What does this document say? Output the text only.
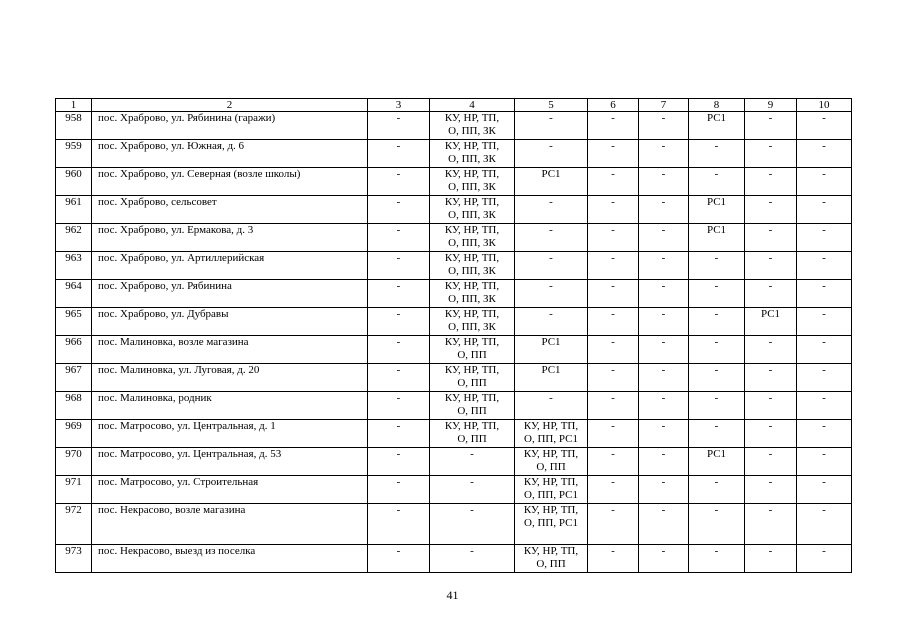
1	2	3	4	5	6	7	8	9	10
958	пос. Храброво, ул. Рябинина (гаражи)	-	КУ, НР, ТП,
О, ПП, ЗК	-	-	-	РС1	-	-
959	пос. Храброво, ул. Южная, д. 6	-	КУ, НР, ТП,
О, ПП, ЗК	-	-	-	-	-	-
960	пос. Храброво, ул. Северная (возле школы)	-	КУ, НР, ТП,
О, ПП, ЗК	РС1	-	-	-	-	-
961	пос. Храброво, сельсовет	-	КУ, НР, ТП,
О, ПП, ЗК	-	-	-	РС1	-	-
962	пос. Храброво, ул. Ермакова, д. 3	-	КУ, НР, ТП,
О, ПП, ЗК	-	-	-	РС1	-	-
963	пос. Храброво, ул. Артиллерийская	-	КУ, НР, ТП,
О, ПП, ЗК	-	-	-	-	-	-
964	пос. Храброво, ул. Рябинина	-	КУ, НР, ТП,
О, ПП, ЗК	-	-	-	-	-	-
965	пос. Храброво, ул. Дубравы	-	КУ, НР, ТП,
О, ПП, ЗК	-	-	-	-	РС1	-
966	пос. Малиновка, возле магазина	-	КУ, НР, ТП,
О, ПП	РС1	-	-	-	-	-
967	пос. Малиновка, ул. Луговая, д. 20	-	КУ, НР, ТП,
О, ПП	РС1	-	-	-	-	-
968	пос. Малиновка, родник	-	КУ, НР, ТП,
О, ПП	-	-	-	-	-	-
969	пос. Матросово, ул. Центральная, д. 1	-	КУ, НР, ТП,
О, ПП	КУ, НР, ТП,
О, ПП, РС1	-	-	-	-	-
970	пос. Матросово, ул. Центральная, д. 53	-	-	КУ, НР, ТП,
О, ПП	-	-	РС1	-	-
971	пос. Матросово, ул. Строительная	-	-	КУ, НР, ТП,
О, ПП, РС1	-	-	-	-	-
972	пос. Некрасово, возле магазина	-	-	КУ, НР, ТП,
О, ПП, РС1	-	-	-	-	-
973	пос. Некрасово, выезд из поселка	-	-	КУ, НР, ТП,
О, ПП	-	-	-	-	-
41
